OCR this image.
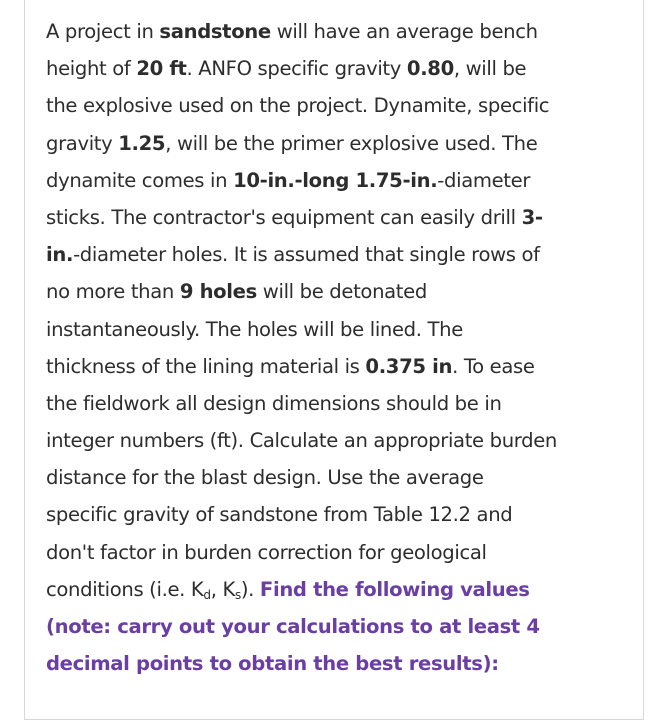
A project in sandstone will have an average bench
height of 20 ft. ANFO specific gravity 0.80, will be
the explosive used on the project. Dynamite, specific
gravity 1.25, will be the primer explosive used. The
dynamite comes in 10-in.-long 1.75-in.-diameter
sticks. The contractor's equipment can easily drill 3-
in.-diameter holes. It is assumed that single rows of
no more than 9 holes will be detonated
instantaneously. The holes will be lined. The
thickness of the lining material is 0.375 in. To ease
the fieldwork all design dimensions should be in
integer numbers (ft). Calculate an appropriate burden
distance for the blast design. Use the average
specific gravity of sandstone from Table 12.2 and
don't factor in burden correction for geological
conditions (i.e. $K_d$, $K_s$). Find the following values
(note: carry out your calculations to at least 4
decimal points to obtain the best results):
